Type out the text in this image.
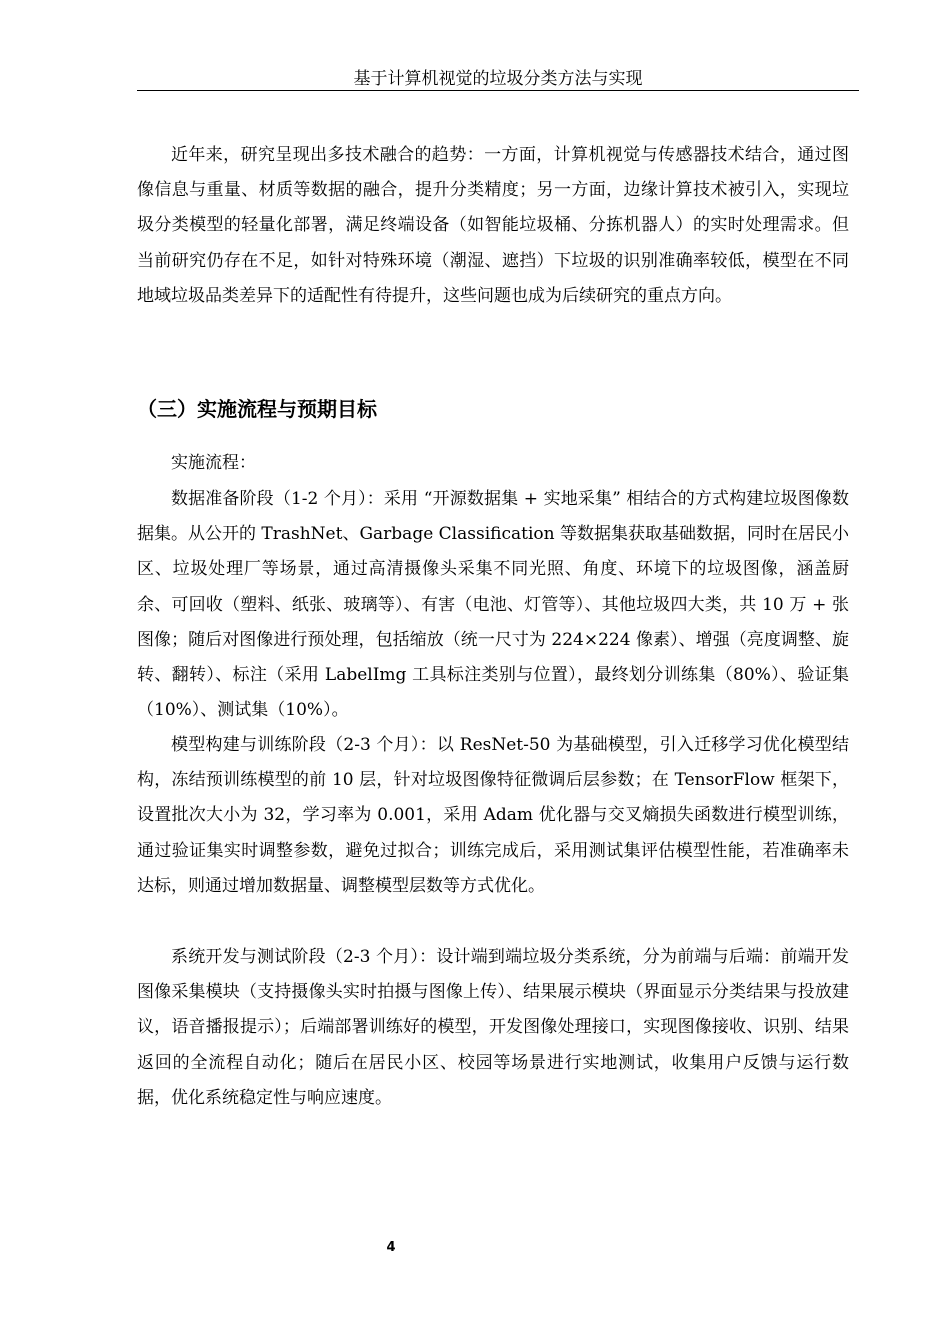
基于计算机视觉的垃圾分类方法与实现

近年来，研究呈现出多技术融合的趋势：一方面，计算机视觉与传感器技术结合，通过图像信息与重量、材质等数据的融合，提升分类精度；另一方面，边缘计算技术被引入，实现垃圾分类模型的轻量化部署，满足终端设备（如智能垃圾桶、分拣机器人）的实时处理需求。但当前研究仍存在不足，如针对特殊环境（潮湿、遮挡）下垃圾的识别准确率较低，模型在不同地域垃圾品类差异下的适配性有待提升，这些问题也成为后续研究的重点方向。

（三）实施流程与预期目标

实施流程：

数据准备阶段（1-2 个月）：采用 “开源数据集 + 实地采集” 相结合的方式构建垃圾图像数据集。从公开的 TrashNet、Garbage Classification 等数据集获取基础数据，同时在居民小区、垃圾处理厂等场景，通过高清摄像头采集不同光照、角度、环境下的垃圾图像，涵盖厨余、可回收（塑料、纸张、玻璃等）、有害（电池、灯管等）、其他垃圾四大类，共 10 万 + 张图像；随后对图像进行预处理，包括缩放（统一尺寸为 224×224 像素）、增强（亮度调整、旋转、翻转）、标注（采用 LabelImg 工具标注类别与位置），最终划分训练集（80%）、验证集（10%）、测试集（10%）。

模型构建与训练阶段（2-3 个月）：以 ResNet-50 为基础模型，引入迁移学习优化模型结构，冻结预训练模型的前 10 层，针对垃圾图像特征微调后层参数；在 TensorFlow 框架下，设置批次大小为 32，学习率为 0.001，采用 Adam 优化器与交叉熵损失函数进行模型训练，通过验证集实时调整参数，避免过拟合；训练完成后，采用测试集评估模型性能，若准确率未达标，则通过增加数据量、调整模型层数等方式优化。

系统开发与测试阶段（2-3 个月）：设计端到端垃圾分类系统，分为前端与后端：前端开发图像采集模块（支持摄像头实时拍摄与图像上传）、结果展示模块（界面显示分类结果与投放建议，语音播报提示）；后端部署训练好的模型，开发图像处理接口，实现图像接收、识别、结果返回的全流程自动化；随后在居民小区、校园等场景进行实地测试，收集用户反馈与运行数据，优化系统稳定性与响应速度。

4
